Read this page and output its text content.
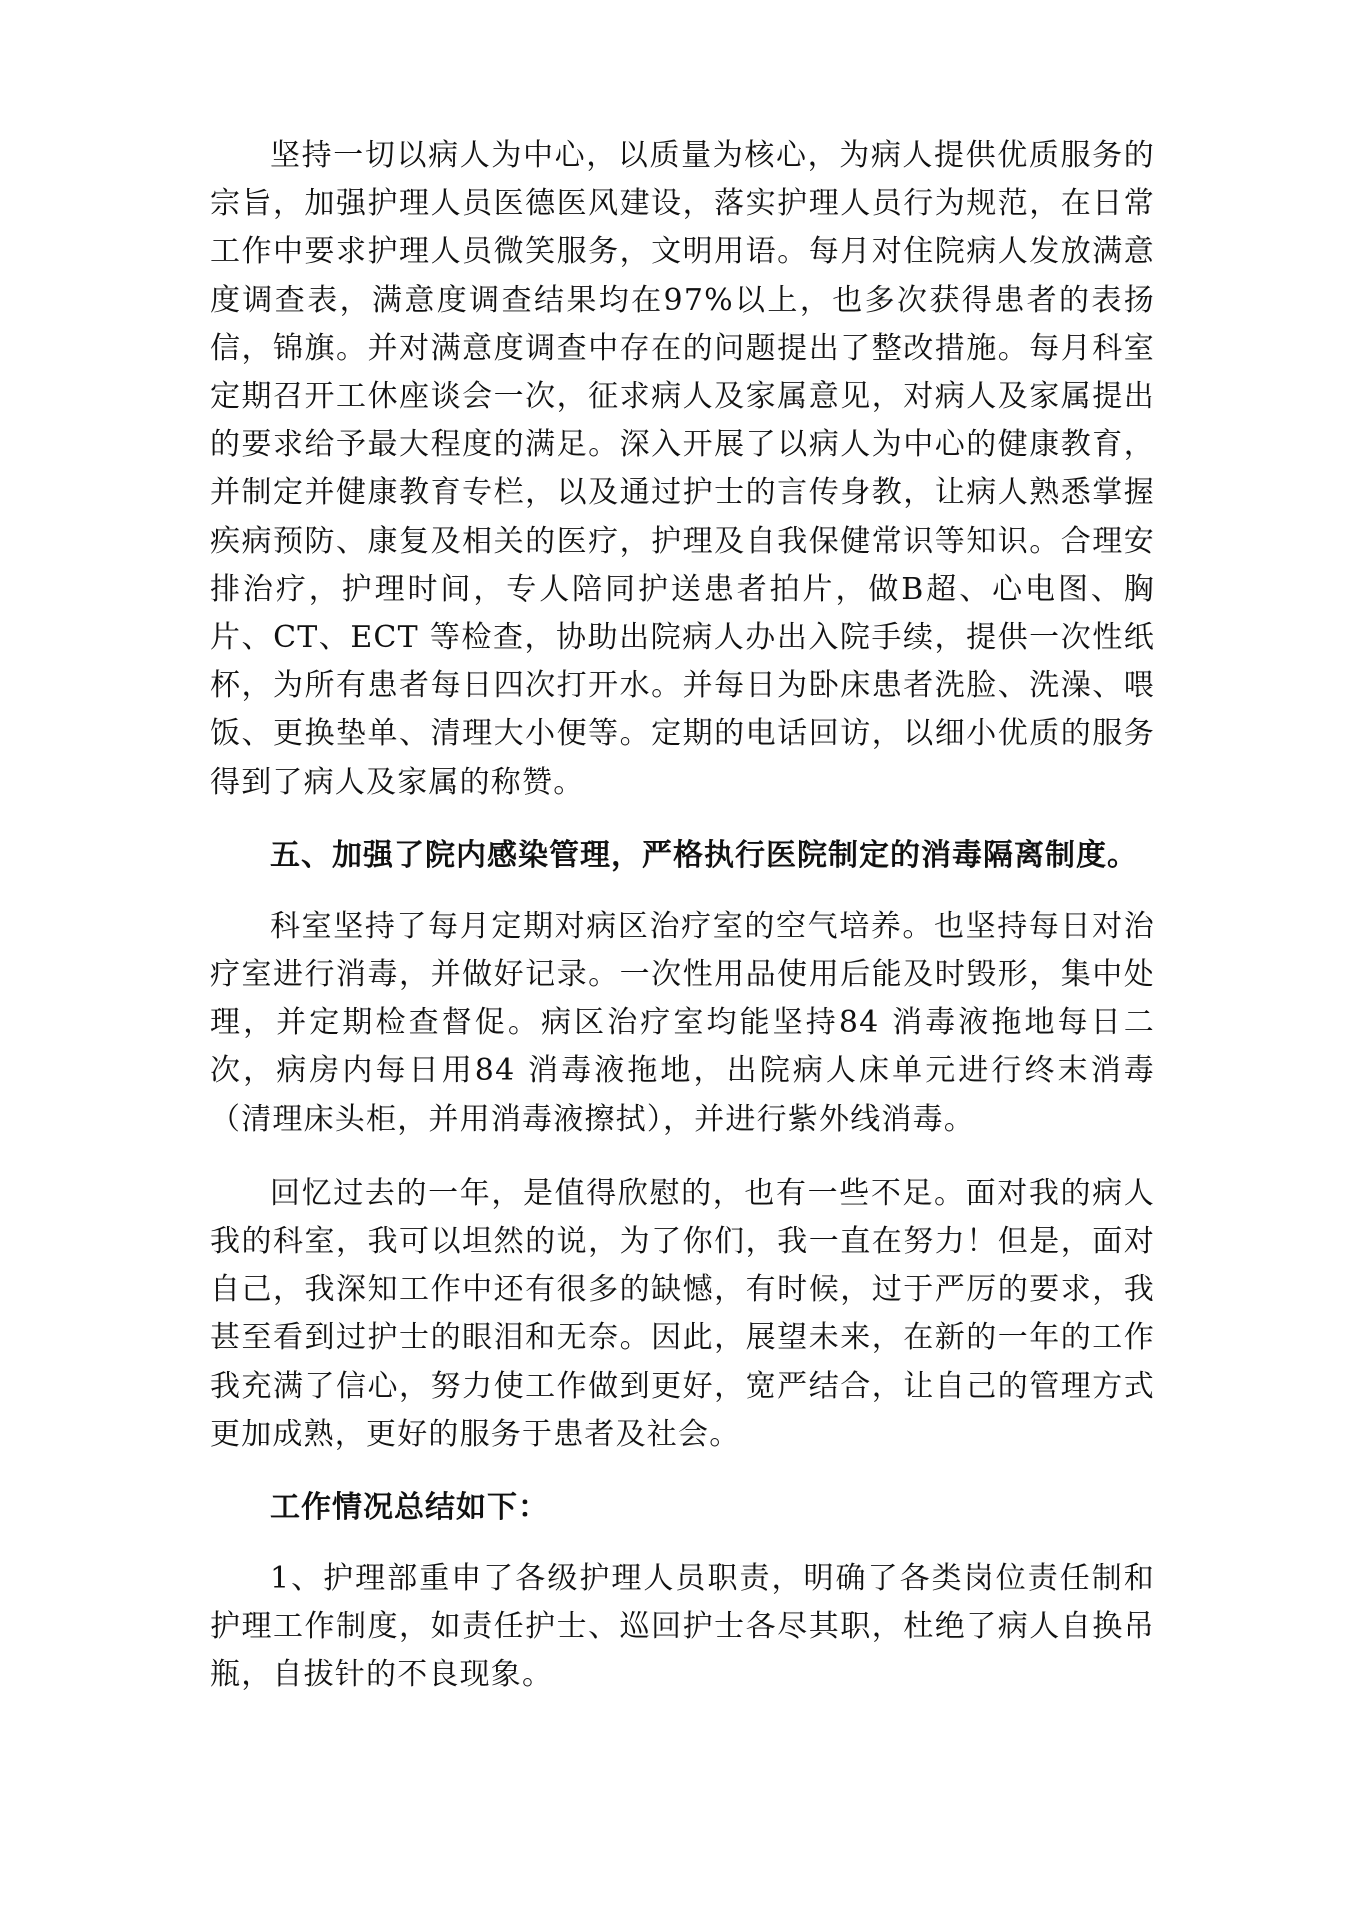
坚持一切以病人为中心，以质量为核心，为病人提供优质服务的宗旨，加强护理人员医德医风建设，落实护理人员行为规范，在日常工作中要求护理人员微笑服务，文明用语。每月对住院病人发放满意度调查表，满意度调查结果均在97%以上，也多次获得患者的表扬信，锦旗。并对满意度调查中存在的问题提出了整改措施。每月科室定期召开工休座谈会一次，征求病人及家属意见，对病人及家属提出的要求给予最大程度的满足。深入开展了以病人为中心的健康教育，并制定并健康教育专栏，以及通过护士的言传身教，让病人熟悉掌握疾病预防、康复及相关的医疗，护理及自我保健常识等知识。合理安排治疗，护理时间，专人陪同护送患者拍片，做B超、心电图、胸片、CT、ECT 等检查，协助出院病人办出入院手续，提供一次性纸杯，为所有患者每日四次打开水。并每日为卧床患者洗脸、洗澡、喂饭、更换垫单、清理大小便等。定期的电话回访，以细小优质的服务得到了病人及家属的称赞。

五、加强了院内感染管理，严格执行医院制定的消毒隔离制度。

科室坚持了每月定期对病区治疗室的空气培养。也坚持每日对治疗室进行消毒，并做好记录。一次性用品使用后能及时毁形，集中处理，并定期检查督促。病区治疗室均能坚持84 消毒液拖地每日二次，病房内每日用84 消毒液拖地，出院病人床单元进行终末消毒（清理床头柜，并用消毒液擦拭），并进行紫外线消毒。

回忆过去的一年，是值得欣慰的，也有一些不足。面对我的病人我的科室，我可以坦然的说，为了你们，我一直在努力！但是，面对自己，我深知工作中还有很多的缺憾，有时候，过于严厉的要求，我甚至看到过护士的眼泪和无奈。因此，展望未来，在新的一年的工作我充满了信心，努力使工作做到更好，宽严结合，让自己的管理方式更加成熟，更好的服务于患者及社会。

工作情况总结如下：

1、护理部重申了各级护理人员职责，明确了各类岗位责任制和护理工作制度，如责任护士、巡回护士各尽其职，杜绝了病人自换吊瓶，自拔针的不良现象。
